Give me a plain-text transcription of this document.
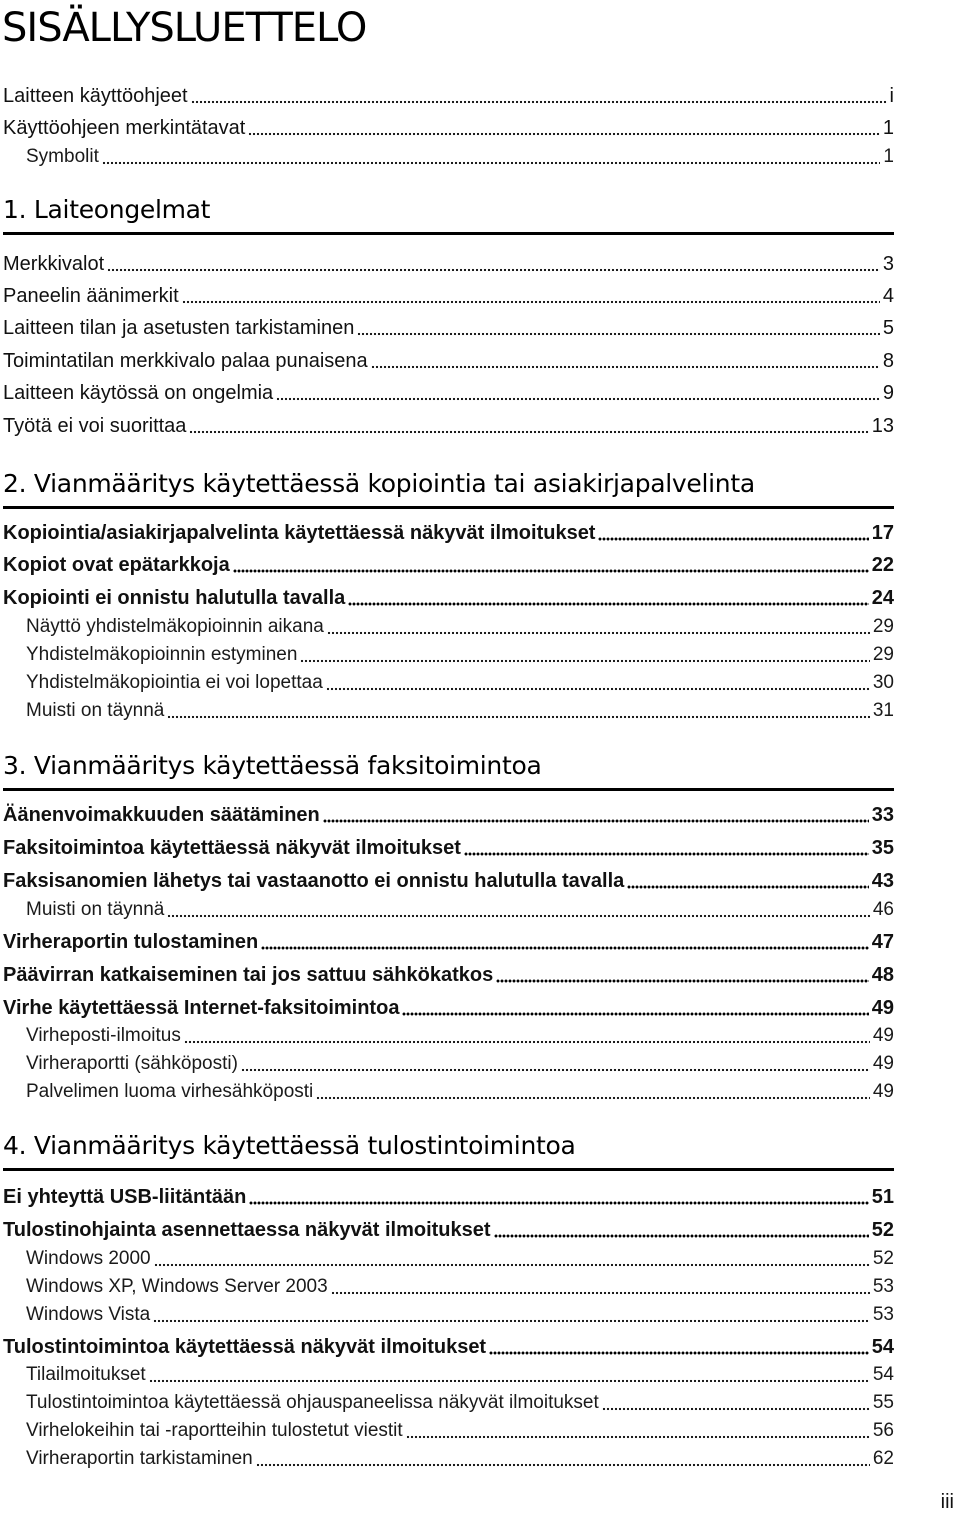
SISÄLLYSLUETTELO
Laitteen käyttöohjeet	i
Käyttöohjeen merkintätavat	1
Symbolit	1
1. Laiteongelmat
Merkkivalot	3
Paneelin äänimerkit	4
Laitteen tilan ja asetusten tarkistaminen	5
Toimintatilan merkkivalo palaa punaisena	8
Laitteen käytössä on ongelmia	9
Työtä ei voi suorittaa	13
2. Vianmääritys käytettäessä kopiointia tai asiakirjapalvelinta
Kopiointia/asiakirjapalvelinta käytettäessä näkyvät ilmoitukset	17
Kopiot ovat epätarkkoja	22
Kopiointi ei onnistu halutulla tavalla	24
Näyttö yhdistelmäkopioinnin aikana	29
Yhdistelmäkopioinnin estyminen	29
Yhdistelmäkopiointia ei voi lopettaa	30
Muisti on täynnä	31
3. Vianmääritys käytettäessä faksitoimintoa
Äänenvoimakkuuden säätäminen	33
Faksitoimintoa käytettäessä näkyvät ilmoitukset	35
Faksisanomien lähetys tai vastaanotto ei onnistu halutulla tavalla	43
Muisti on täynnä	46
Virheraportin tulostaminen	47
Päävirran katkaiseminen tai jos sattuu sähkökatkos	48
Virhe käytettäessä Internet-faksitoimintoa	49
Virheposti-ilmoitus	49
Virheraportti (sähköposti)	49
Palvelimen luoma virhesähköposti	49
4. Vianmääritys käytettäessä tulostintoimintoa
Ei yhteyttä USB-liitäntään	51
Tulostinohjainta asennettaessa näkyvät ilmoitukset	52
Windows 2000	52
Windows XP, Windows Server 2003	53
Windows Vista	53
Tulostintoimintoa käytettäessä näkyvät ilmoitukset	54
Tilailmoitukset	54
Tulostintoimintoa käytettäessä ohjauspaneelissa näkyvät ilmoitukset	55
Virhelokeihin tai -raportteihin tulostetut viestit	56
Virheraportin tarkistaminen	62
iii
